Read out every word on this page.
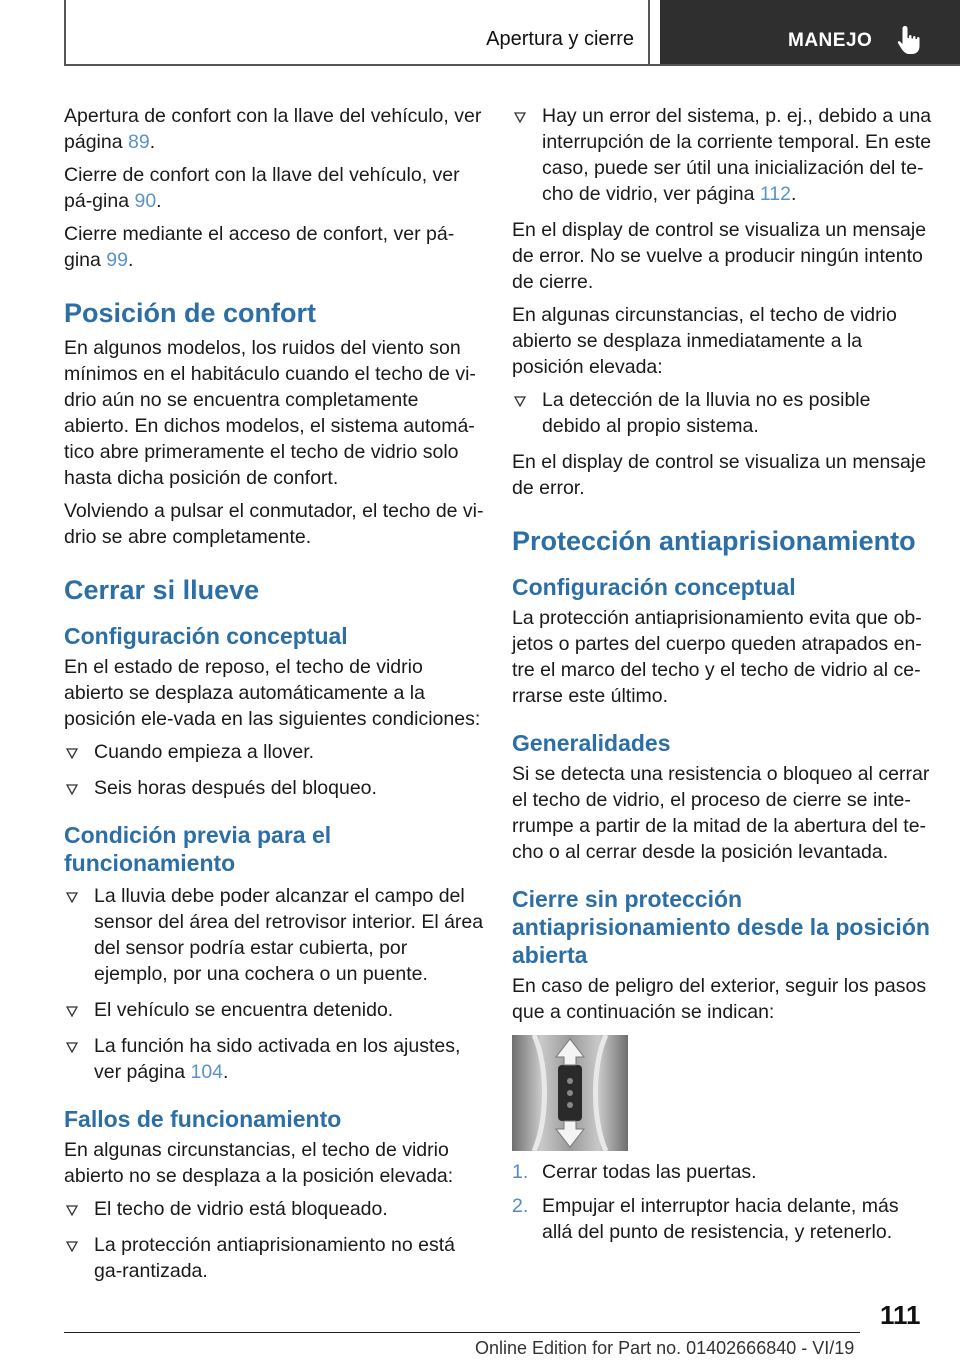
Apertura y cierre	MANEJO

Apertura de confort con la llave del vehículo, ver página 89.

Cierre de confort con la llave del vehículo, ver pá-gina 90.

Cierre mediante el acceso de confort, ver pá-gina 99.

Posición de confort

En algunos modelos, los ruidos del viento son mínimos en el habitáculo cuando el techo de vi-drio aún no se encuentra completamente abierto. En dichos modelos, el sistema automá-tico abre primeramente el techo de vidrio solo hasta dicha posición de confort.

Volviendo a pulsar el conmutador, el techo de vi-drio se abre completamente.

Cerrar si llueve
Configuración conceptual

En el estado de reposo, el techo de vidrio abierto se desplaza automáticamente a la posición ele-vada en las siguientes condiciones:

Cuando empieza a llover.
Seis horas después del bloqueo.
Condición previa para el funcionamiento
La lluvia debe poder alcanzar el campo del sensor del área del retrovisor interior. El área del sensor podría estar cubierta, por ejemplo, por una cochera o un puente.
El vehículo se encuentra detenido.
La función ha sido activada en los ajustes, ver página 104.
Fallos de funcionamiento

En algunas circunstancias, el techo de vidrio abierto no se desplaza a la posición elevada:

El techo de vidrio está bloqueado.
La protección antiaprisionamiento no está ga-rantizada.
Hay un error del sistema, p. ej., debido a una interrupción de la corriente temporal. En este caso, puede ser útil una inicialización del te-cho de vidrio, ver página 112.

En el display de control se visualiza un mensaje de error. No se vuelve a producir ningún intento de cierre.

En algunas circunstancias, el techo de vidrio abierto se desplaza inmediatamente a la posición elevada:

La detección de la lluvia no es posible debido al propio sistema.

En el display de control se visualiza un mensaje de error.

Protección antiaprisionamiento
Configuración conceptual

La protección antiaprisionamiento evita que ob-jetos o partes del cuerpo queden atrapados en-tre el marco del techo y el techo de vidrio al ce-rrarse este último.

Generalidades

Si se detecta una resistencia o bloqueo al cerrar el techo de vidrio, el proceso de cierre se inte-rrumpe a partir de la mitad de la abertura del te-cho o al cerrar desde la posición levantada.

Cierre sin protección antiaprisionamiento desde la posición abierta

En caso de peligro del exterior, seguir los pasos que a continuación se indican:

1. Cerrar todas las puertas.
2. Empujar el interruptor hacia delante, más allá del punto de resistencia, y retenerlo.
111
Online Edition for Part no. 01402666840 - VI/19
